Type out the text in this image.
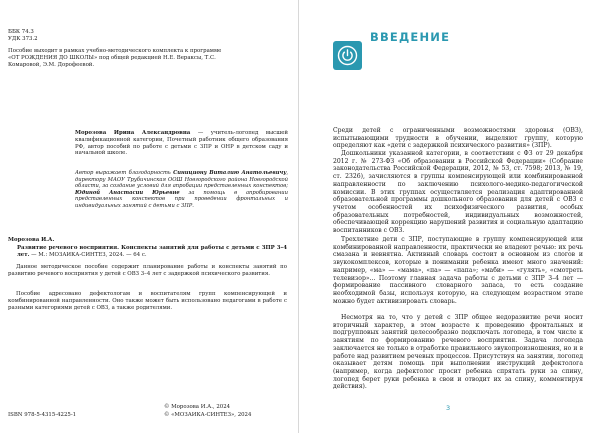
ББК 74.3
УДК 373.2
Пособие выходит в рамках учебно-методического комплекта к программе «ОТ РОЖДЕНИЯ ДО ШКОЛЫ» под общей редакцией Н.Е. Вераксы, Т.С. Комаровой, Э.М. Дорофеевой.
Морозова Ирина Александровна — учитель-логопед высшей квалификационной категории, Почетный работник общего образования РФ, автор пособий по работе с детьми с ЗПР и ОНР в детском саду и начальной школе.
Автор выражает благодарность Синициону Виталию Анатольевичу, директору МАОУ Трубичинская ООШ Новгородского района Новгородской области, за создание условий для апробации представленных конспектов; Юдиной Анастасии Юрьевне за помощь в апробировании представленных конспектов при проведении фронтальных и индивидуальных занятий с детьми с ЗПР.
Морозова И.А.
Развитие речевого восприятия. Конспекты занятий для работы с детьми с ЗПР 3–4 лет. — М.: МОЗАИКА-СИНТЕЗ, 2024. — 64 с.
Данное методическое пособие содержит планирование работы и конспекты занятий по развитию речевого восприятия у детей с ОВЗ 3–4 лет с задержкой психического развития.
Пособие адресовано дефектологам и воспитателям групп компенсирующей и комбинированной направленности. Оно также может быть использовано педагогами в работе с разными категориями детей с ОВЗ, а также родителями.
ISBN 978-5-4315-4225-1
© Морозова И.А., 2024
© «МОЗАИКА-СИНТЕЗ», 2024
ВВЕДЕНИЕ
Среди детей с ограниченными возможностями здоровья (ОВЗ), испытывающими трудности в обучении, выделяют группу, которую определяют как «дети с задержкой психического развития» (ЗПР).
Дошкольники указанной категории, в соответствии с ФЗ от 29 декабря 2012 г. № 273-ФЗ «Об образовании в Российской Федерации» (Собрание законодательства Российской Федерации, 2012, № 53, ст. 7598; 2013, № 19, ст. 2326), зачисляются в группы компенсирующей или комбинированной направленности по заключению психолого-медико-педагогической комиссии. В этих группах осуществляется реализация адаптированной образовательной программы дошкольного образования для детей с ОВЗ с учетом особенностей их психофизического развития, особых образовательных потребностей, индивидуальных возможностей, обеспечивающей коррекцию нарушений развития и социальную адаптацию воспитанников с ОВЗ.
Трехлетние дети с ЗПР, поступающие в группу компенсирующей или комбинированной направленности, практически не владеют речью: их речь смазана и невнятна. Активный словарь состоит в основном из слогов и звукокомплексов, которые в понимании ребенка имеют много значений: например, «ма» — «мама», «па» — «папа»; «маби» — «гулять», «смотреть телевизор»... Поэтому главная задача работы с детьми с ЗПР 3–4 лет — формирование пассивного словарного запаса, то есть создание необходимой базы, используя которую, на следующем возрастном этапе можно будет активизировать словарь.
Несмотря на то, что у детей с ЗПР общее недоразвитие речи носит вторичный характер, в этом возрасте к проведению фронтальных и подгрупповых занятий целесообразно подключать логопеда, в том числе к занятиям по формированию речевого восприятия. Задача логопеда заключается не только в отработке правильного звукопроизношения, но и в работе над развитием речевых процессов. Присутствуя на занятии, логопед оказывает детям помощь при выполнении инструкций дефектолога (например, когда дефектолог просит ребенка спрятать руки за спину, логопед берет руки ребенка в свои и отводит их за спину, комментируя действия).
3
